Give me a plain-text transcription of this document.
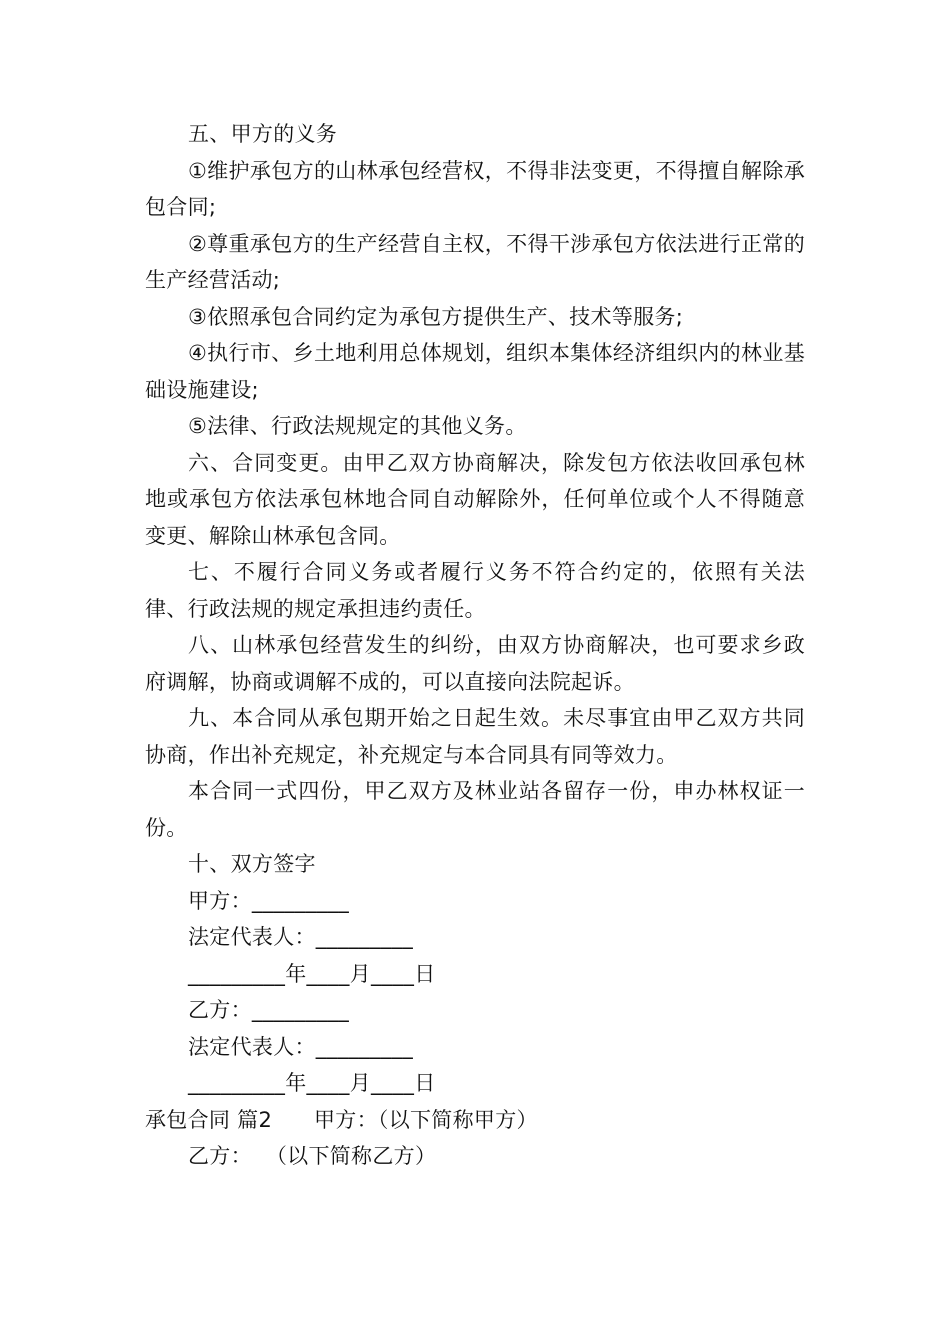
五、甲方的义务

①维护承包方的山林承包经营权，不得非法变更，不得擅自解除承包合同;

②尊重承包方的生产经营自主权，不得干涉承包方依法进行正常的生产经营活动;

③依照承包合同约定为承包方提供生产、技术等服务;

④执行市、乡土地利用总体规划，组织本集体经济组织内的林业基础设施建设;

⑤法律、行政法规规定的其他义务。

六、合同变更。由甲乙双方协商解决，除发包方依法收回承包林地或承包方依法承包林地合同自动解除外，任何单位或个人不得随意变更、解除山林承包含同。

七、不履行合同义务或者履行义务不符合约定的，依照有关法律、行政法规的规定承担违约责任。

八、山林承包经营发生的纠纷，由双方协商解决，也可要求乡政府调解，协商或调解不成的，可以直接向法院起诉。

九、本合同从承包期开始之日起生效。未尽事宜由甲乙双方共同协商，作出补充规定，补充规定与本合同具有同等效力。

本合同一式四份，甲乙双方及林业站各留存一份，申办林权证一份。

十、双方签字

甲方：_________

法定代表人：_________

_________年____月____日

乙方：_________

法定代表人：_________

_________年____月____日

承包合同 篇2 甲方：（以下简称甲方）

乙方：  （以下简称乙方）
